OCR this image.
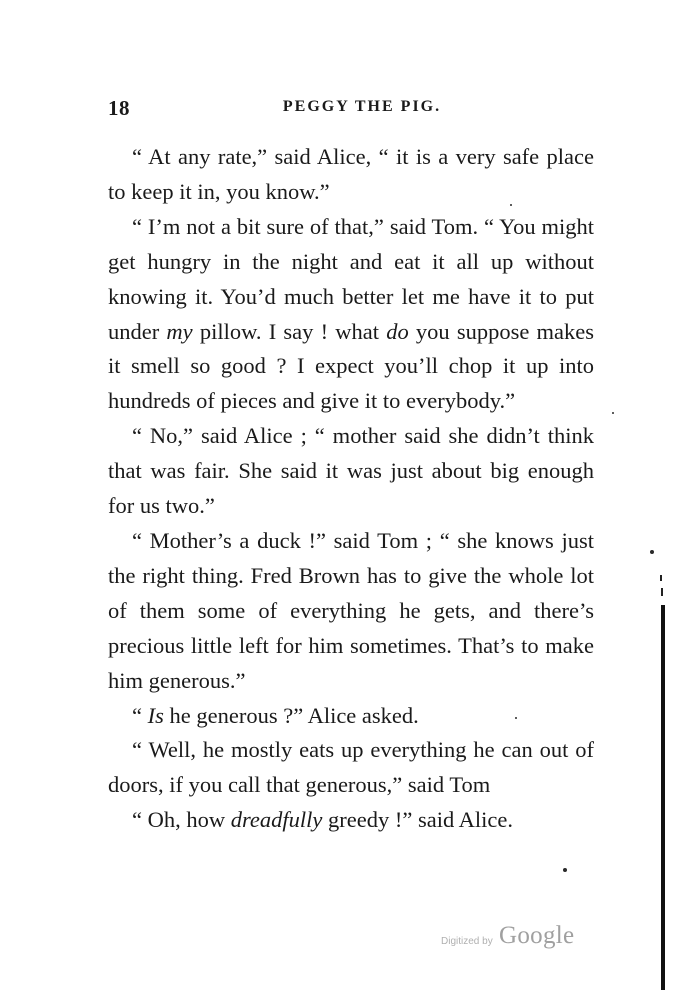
18	PEGGY THE PIG.

“ At any rate,” said Alice, “ it is a very safe place to keep it in, you know.”

“ I’m not a bit sure of that,” said Tom. “ You might get hungry in the night and eat it all up without knowing it. You’d much better let me have it to put under my pillow. I say ! what do you suppose makes it smell so good ? I expect you’ll chop it up into hundreds of pieces and give it to everybody.”

“ No,” said Alice ; “ mother said she didn’t think that was fair. She said it was just about big enough for us two.”

“ Mother’s a duck !” said Tom ; “ she knows just the right thing. Fred Brown has to give the whole lot of them some of everything he gets, and there’s precious little left for him sometimes. That’s to make him generous.”

“ Is he generous ?” Alice asked.

“ Well, he mostly eats up everything he can out of doors, if you call that generous,” said Tom

“ Oh, how dreadfully greedy !” said Alice.

Digitized by Google
